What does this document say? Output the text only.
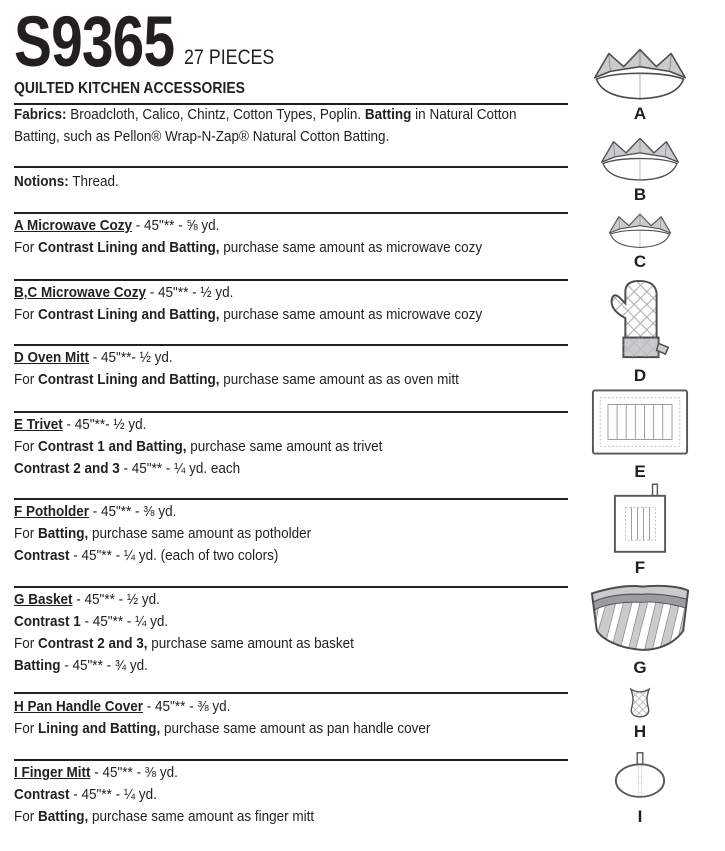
S9365 27 PIECES
QUILTED KITCHEN ACCESSORIES
Fabrics: Broadcloth, Calico, Chintz, Cotton Types, Poplin. Batting in Natural Cotton
Batting, such as Pellon® Wrap-N-Zap® Natural Cotton Batting.
Notions: Thread.
A Microwave Cozy - 45"** - ⅝ yd.
For Contrast Lining and Batting, purchase same amount as microwave cozy
B,C Microwave Cozy - 45"** - ½ yd.
For Contrast Lining and Batting, purchase same amount as microwave cozy
D Oven Mitt - 45"**- ½ yd.
For Contrast Lining and Batting, purchase same amount as as oven mitt
E Trivet - 45"**- ½ yd.
For Contrast 1 and Batting, purchase same amount as trivet
Contrast 2 and 3 - 45"** - ¼ yd. each
F Potholder - 45"** - ⅜ yd.
For Batting, purchase same amount as potholder
Contrast - 45"** - ¼ yd. (each of two colors)
G Basket - 45"** - ½ yd.
Contrast 1 - 45"** - ¼ yd.
For Contrast 2 and 3, purchase same amount as basket
Batting - 45"** - ¾ yd.
H Pan Handle Cover - 45"** - ⅜ yd.
For Lining and Batting, purchase same amount as pan handle cover
I Finger Mitt - 45"** - ⅜ yd.
Contrast - 45"** - ¼ yd.
For Batting, purchase same amount as finger mitt
A
B
C
D
E
F
G
H
I
